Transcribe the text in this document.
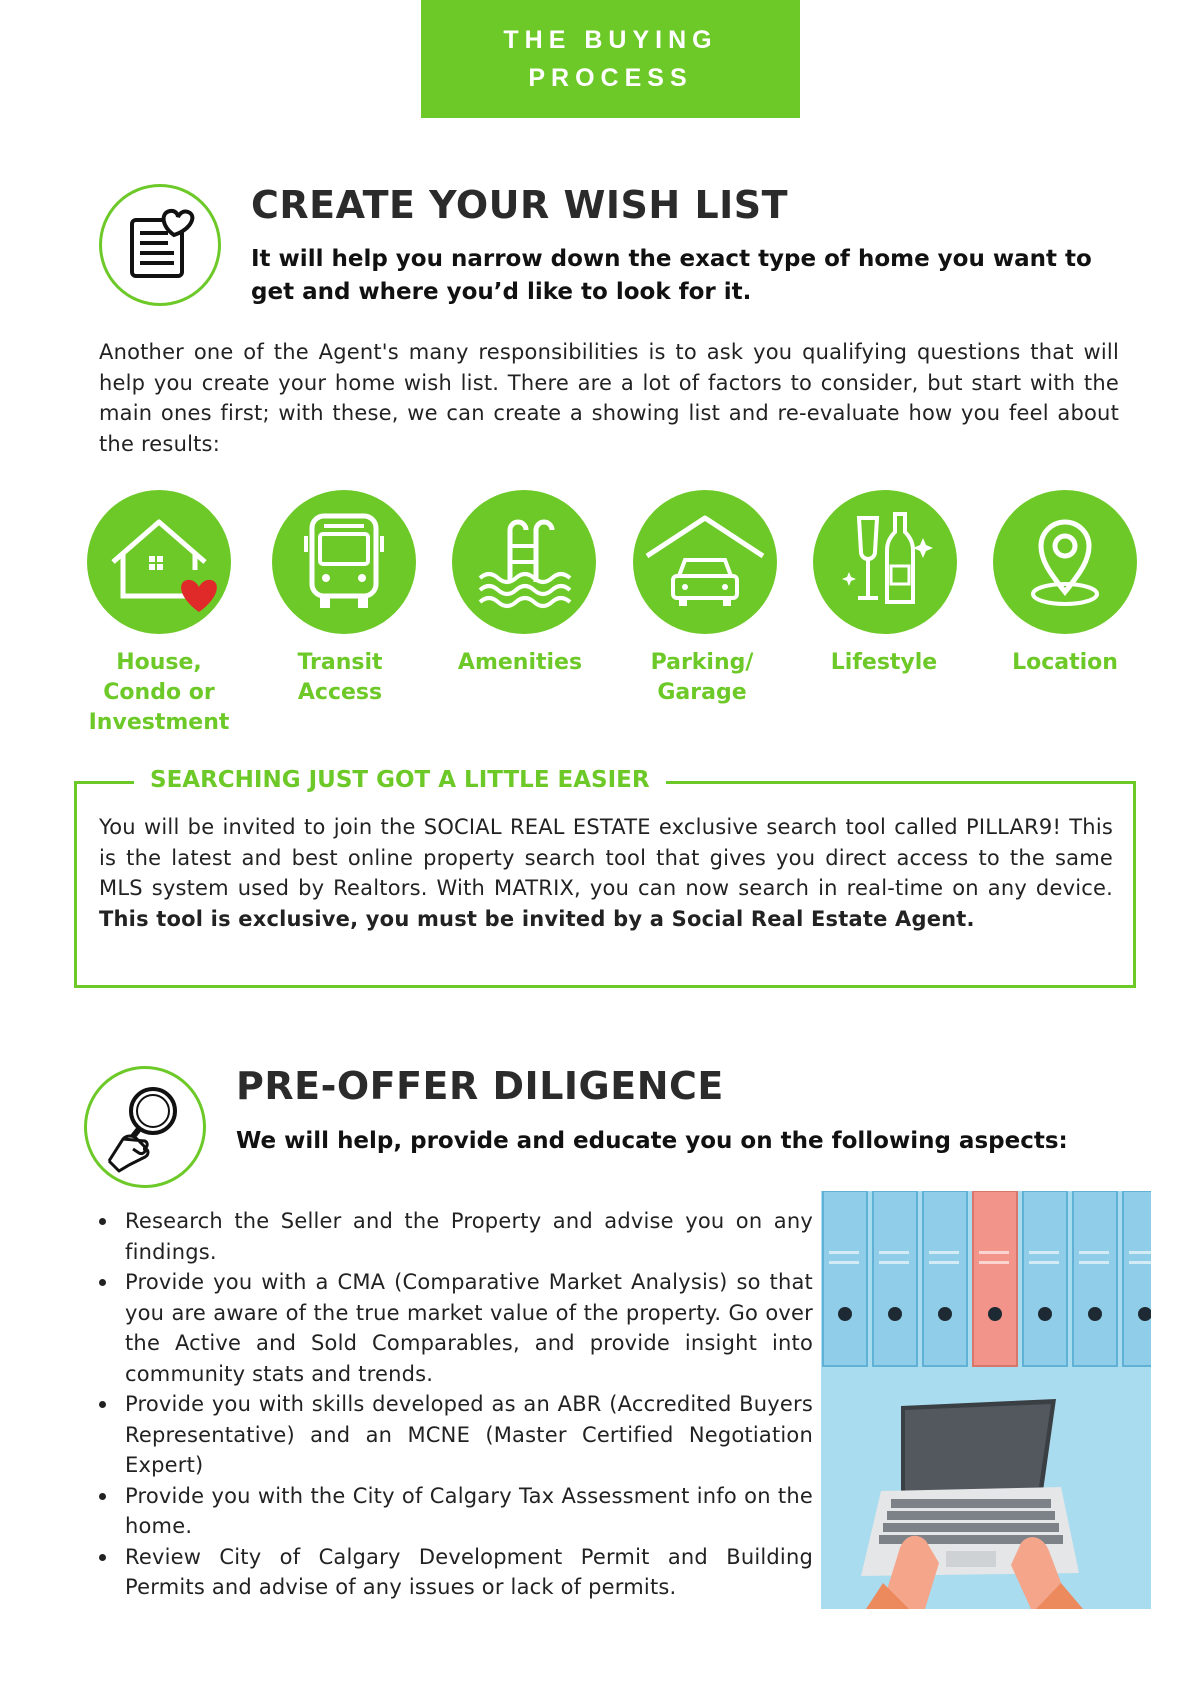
THE BUYING
PROCESS
CREATE YOUR WISH LIST
It will help you narrow down the exact type of home you want to get and where you’d like to look for it.
Another one of the Agent's many responsibilities is to ask you qualifying questions that will help you create your home wish list. There are a lot of factors to consider, but start with the main ones first; with these, we can create a showing list and re-evaluate how you feel about the results:
House,
Condo or
Investment
Transit
Access
Amenities	Parking/
Garage
Lifestyle	Location
SEARCHING JUST GOT A LITTLE EASIER
You will be invited to join the SOCIAL REAL ESTATE exclusive search tool called PILLAR9! This is the latest and best online property search tool that gives you direct access to the same MLS system used by Realtors. With MATRIX, you can now search in real-time on any device. This tool is exclusive, you must be invited by a Social Real Estate Agent.
PRE-OFFER DILIGENCE
We will help, provide and educate you on the following aspects:
Research the Seller and the Property and advise you on any findings.
Provide you with a CMA (Comparative Market Analysis) so that you are aware of the true market value of the property. Go over the Active and Sold Comparables, and provide insight into community stats and trends.
Provide you with skills developed as an ABR (Accredited Buyers Representative) and an MCNE (Master Certified Negotiation Expert)
Provide you with the City of Calgary Tax Assessment info on the home.
Review City of Calgary Development Permit and Building Permits and advise of any issues or lack of permits.
